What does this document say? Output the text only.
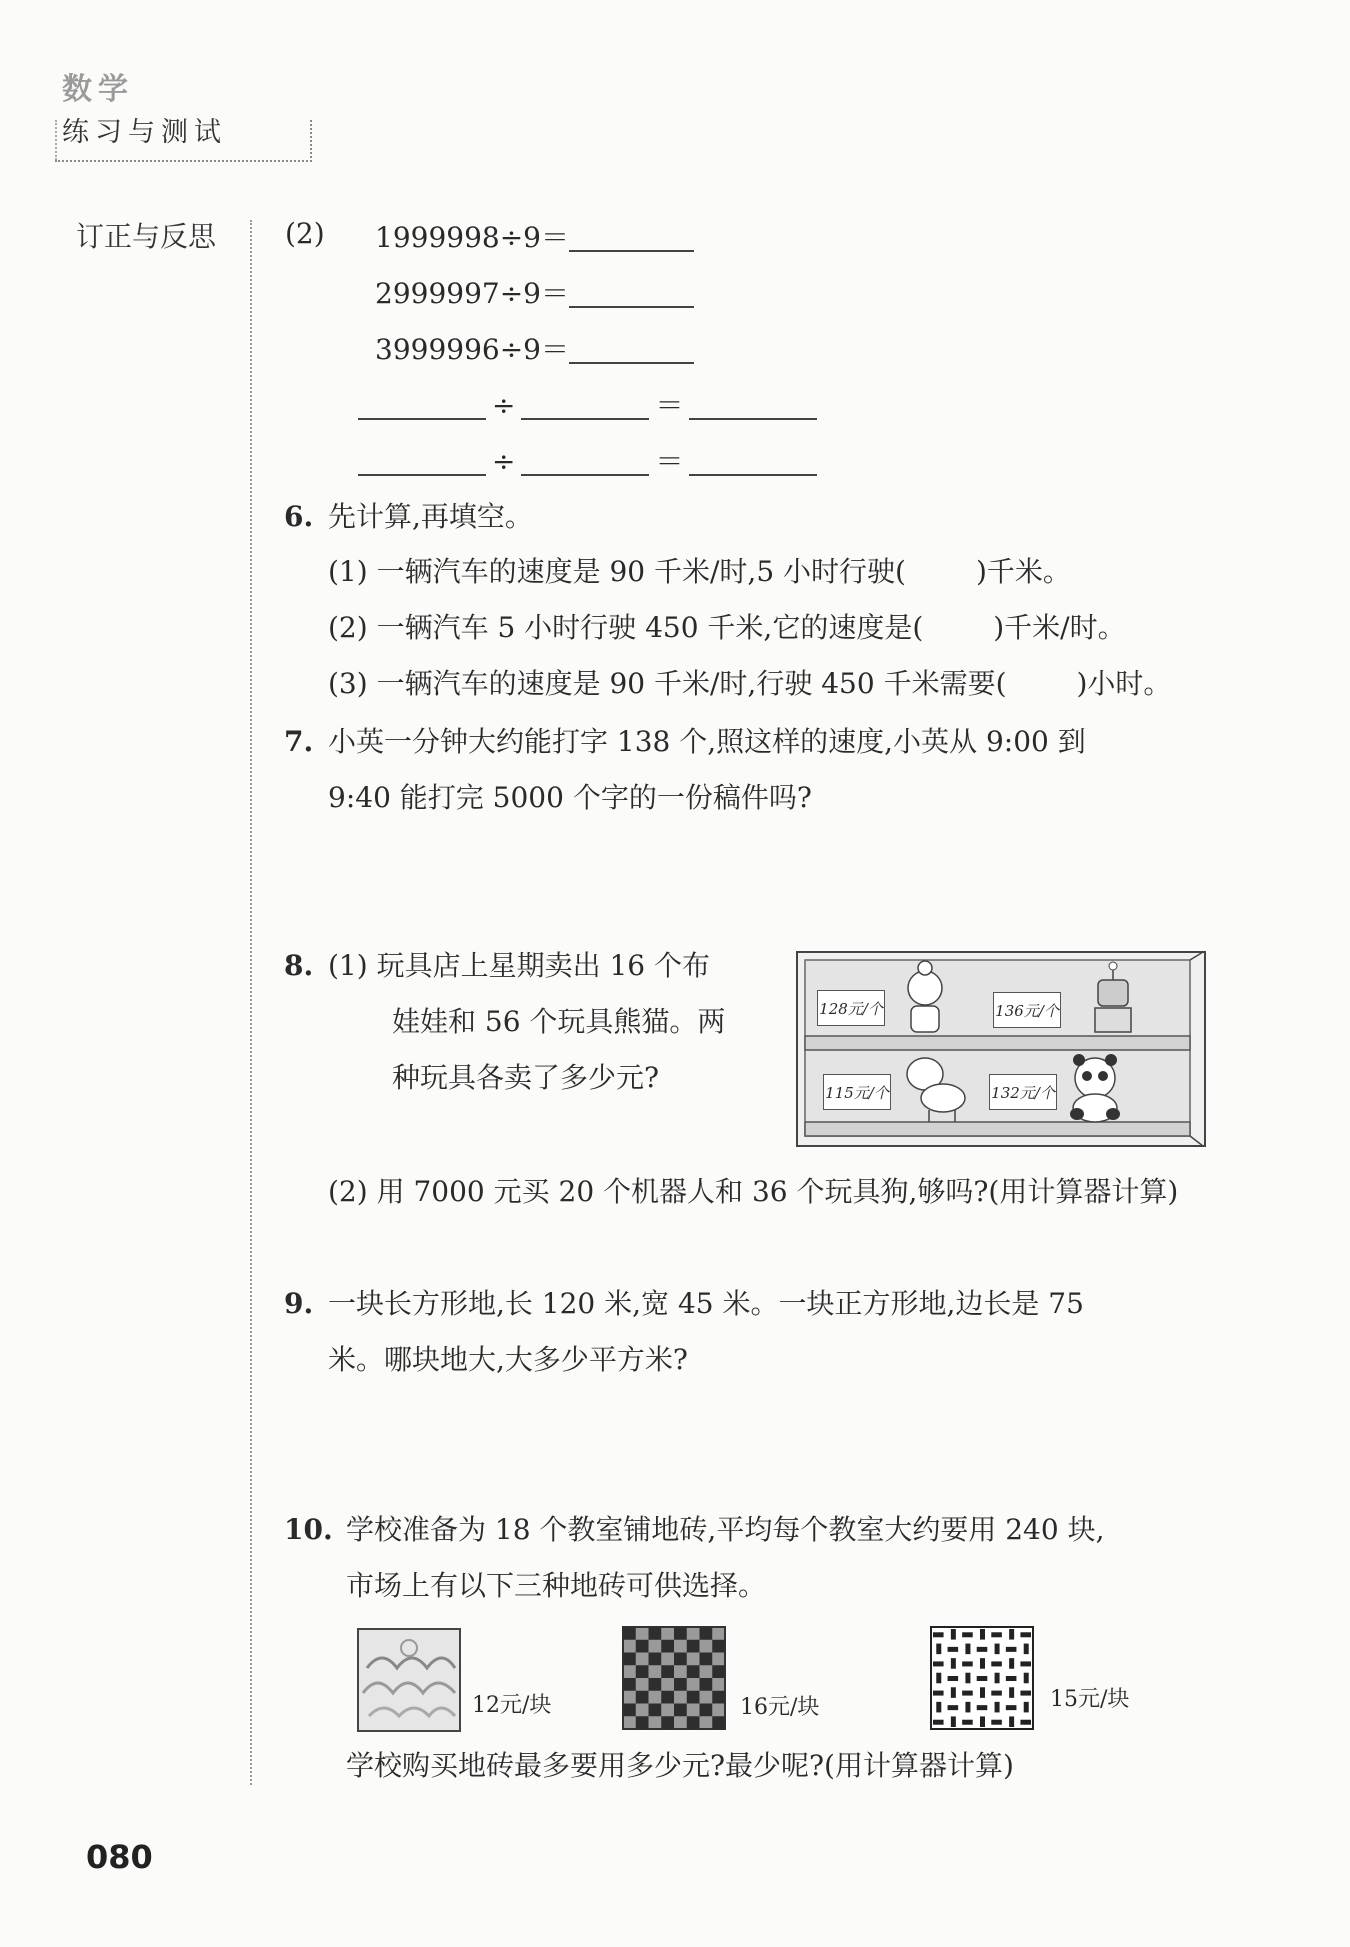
数学
练习与测试
订正与反思 (2) 1999998÷9＝
2999997÷9＝
3999996÷9＝
÷	＝
÷	＝
6. 先计算,再填空。
(1) 一辆汽车的速度是 90 千米/时,5 小时行驶(	)千米。
(2) 一辆汽车 5 小时行驶 450 千米,它的速度是(	)千米/时。
(3) 一辆汽车的速度是 90 千米/时,行驶 450 千米需要(	)小时。
7. 小英一分钟大约能打字 138 个,照这样的速度,小英从 9:00 到
9:40 能打完 5000 个字的一份稿件吗?
8. (1) 玩具店上星期卖出 16 个布
娃娃和 56 个玩具熊猫。两
种玩具各卖了多少元?
128元/个	136元/个
115元/个	132元/个
(2) 用 7000 元买 20 个机器人和 36 个玩具狗,够吗?(用计算器计算)
9. 一块长方形地,长 120 米,宽 45 米。一块正方形地,边长是 75
米。哪块地大,大多少平方米?
10. 学校准备为 18 个教室铺地砖,平均每个教室大约要用 240 块,
市场上有以下三种地砖可供选择。
12元/块	16元/块	15元/块
学校购买地砖最多要用多少元?最少呢?(用计算器计算)
080
